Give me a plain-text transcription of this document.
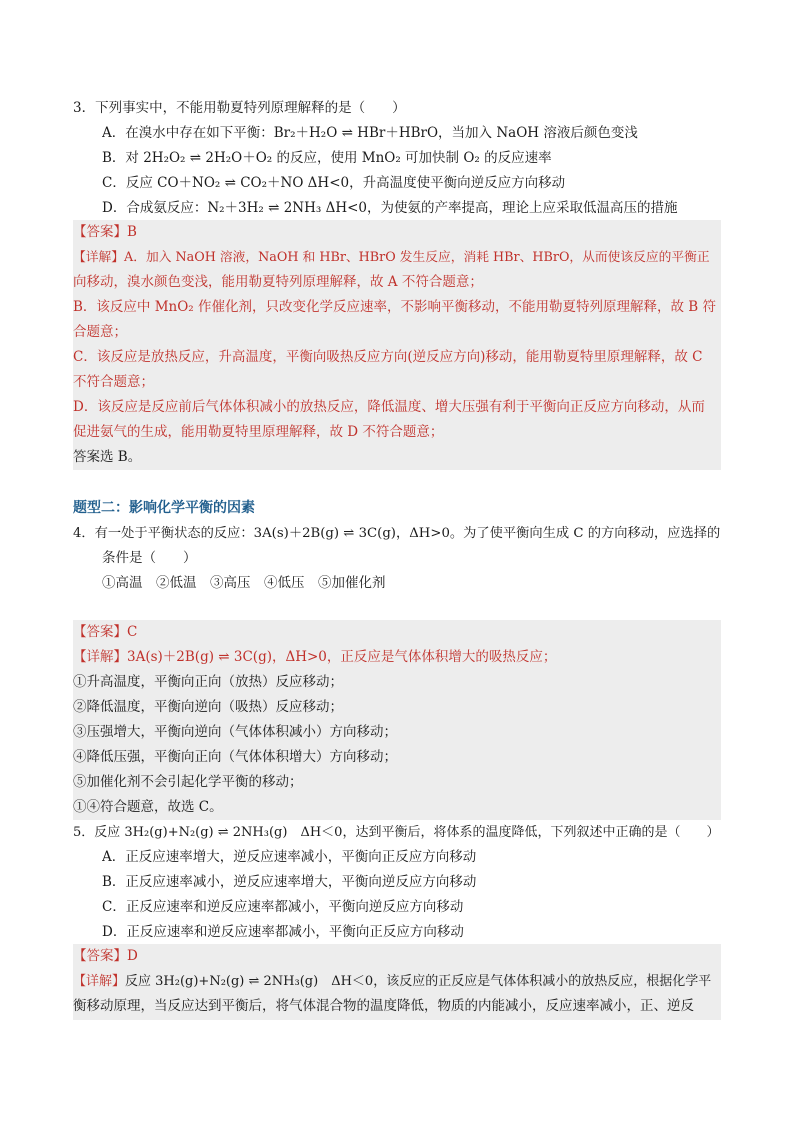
3．下列事实中，不能用勒夏特列原理解释的是（　　）
A．在溴水中存在如下平衡：Br₂＋H₂O ⇌ HBr＋HBrO，当加入 NaOH 溶液后颜色变浅
B．对 2H₂O₂ ⇌ 2H₂O＋O₂ 的反应，使用 MnO₂ 可加快制 O₂ 的反应速率
C．反应 CO＋NO₂ ⇌ CO₂＋NO ΔH<0，升高温度使平衡向逆反应方向移动
D．合成氨反应：N₂＋3H₂ ⇌ 2NH₃ ΔH<0，为使氨的产率提高，理论上应采取低温高压的措施
【答案】B
【详解】A．加入 NaOH 溶液，NaOH 和 HBr、HBrO 发生反应，消耗 HBr、HBrO，从而使该反应的平衡正
向移动，溴水颜色变浅，能用勒夏特列原理解释，故 A 不符合题意；
B．该反应中 MnO₂ 作催化剂，只改变化学反应速率，不影响平衡移动，不能用勒夏特列原理解释，故 B 符
合题意；
C．该反应是放热反应，升高温度，平衡向吸热反应方向(逆反应方向)移动，能用勒夏特里原理解释，故 C
不符合题意；
D．该反应是反应前后气体体积减小的放热反应，降低温度、增大压强有利于平衡向正反应方向移动，从而
促进氨气的生成，能用勒夏特里原理解释，故 D 不符合题意；
答案选 B。
题型二：影响化学平衡的因素
4．有一处于平衡状态的反应：3A(s)＋2B(g) ⇌ 3C(g)，ΔH>0。为了使平衡向生成 C 的方向移动，应选择的
条件是（　　）
①高温　②低温　③高压　④低压　⑤加催化剂
【答案】C
【详解】3A(s)＋2B(g) ⇌ 3C(g)，ΔH>0，正反应是气体体积增大的吸热反应；
①升高温度，平衡向正向（放热）反应移动；
②降低温度，平衡向逆向（吸热）反应移动；
③压强增大，平衡向逆向（气体体积减小）方向移动；
④降低压强，平衡向正向（气体体积增大）方向移动；
⑤加催化剂不会引起化学平衡的移动；
①④符合题意，故选 C。
5．反应 3H₂(g)+N₂(g) ⇌ 2NH₃(g)　ΔH＜0，达到平衡后，将体系的温度降低，下列叙述中正确的是（　　）
A．正反应速率增大，逆反应速率减小，平衡向正反应方向移动
B．正反应速率减小，逆反应速率增大，平衡向逆反应方向移动
C．正反应速率和逆反应速率都减小，平衡向逆反应方向移动
D．正反应速率和逆反应速率都减小，平衡向正反应方向移动
【答案】D
【详解】反应 3H₂(g)+N₂(g) ⇌ 2NH₃(g)　ΔH＜0，该反应的正反应是气体体积减小的放热反应，根据化学平
衡移动原理，当反应达到平衡后，将气体混合物的温度降低，物质的内能减小，反应速率减小，正、逆反
